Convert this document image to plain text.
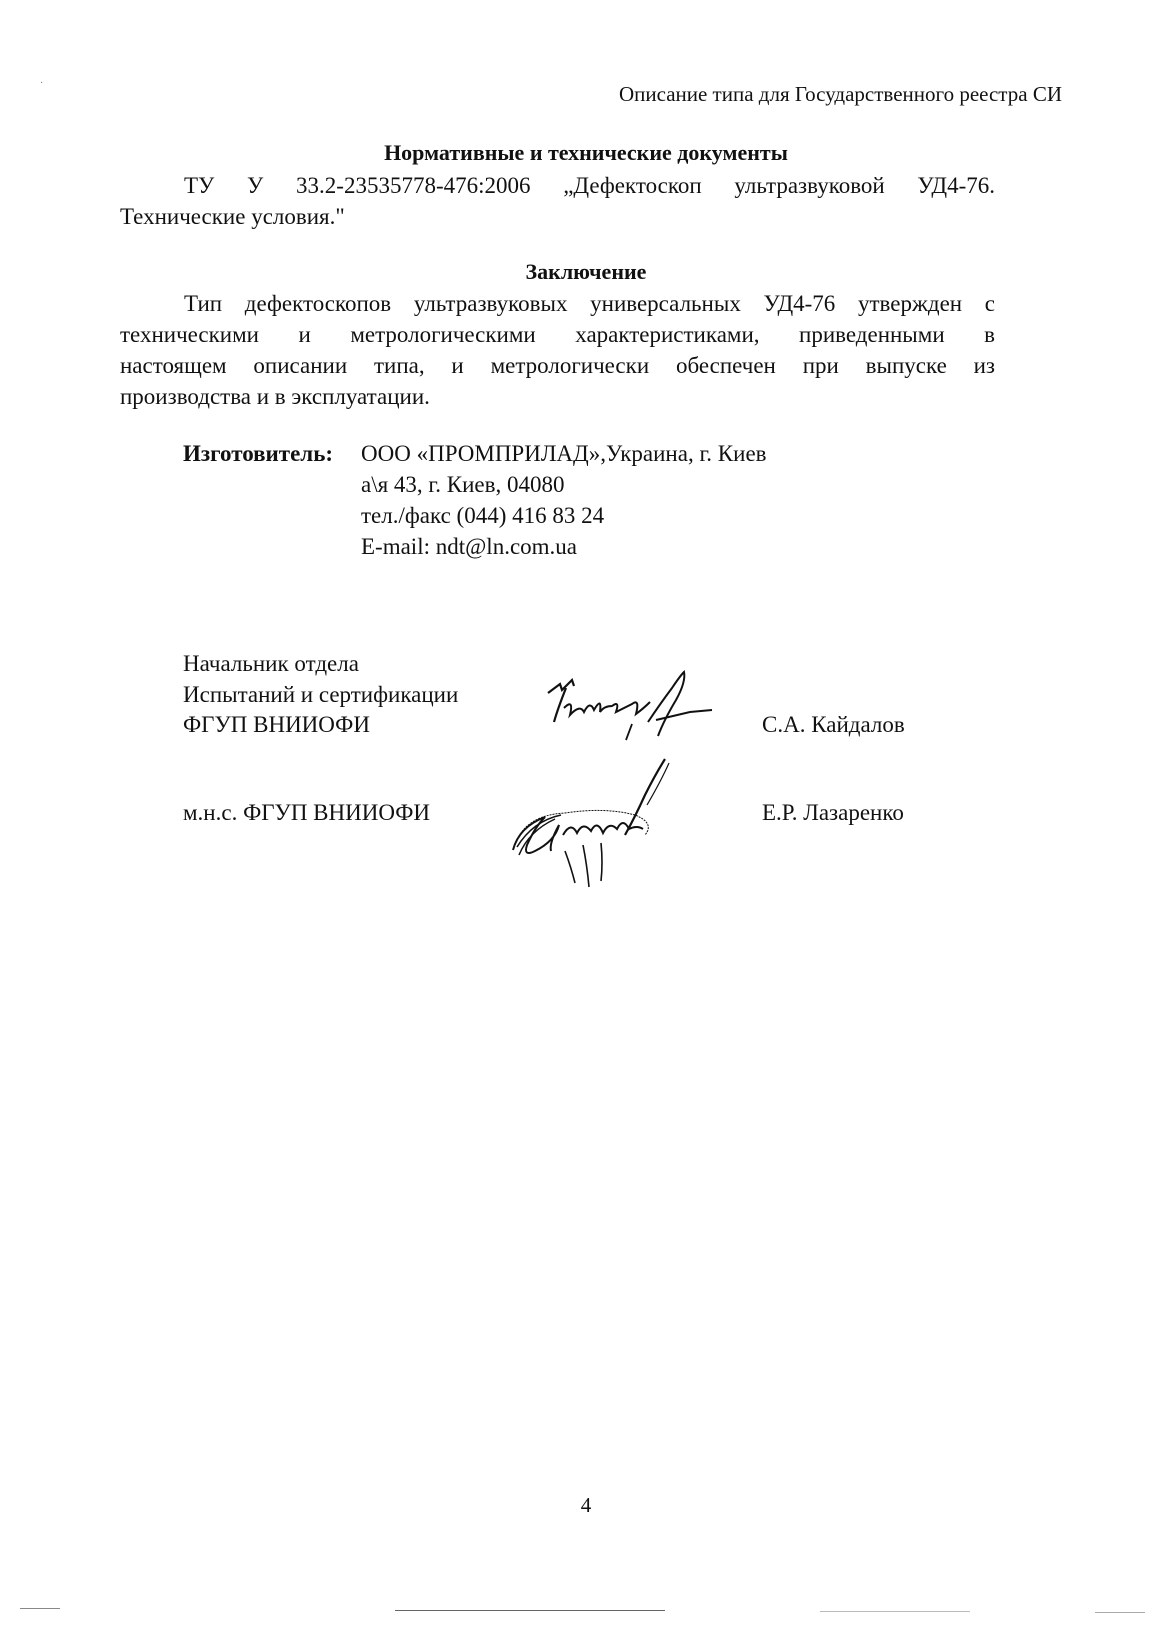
Описание типа для Государственного реестра СИ
Нормативные и технические документы
ТУ У 33.2-23535778-476:2006 „Дефектоскоп ультразвуковой УД4-76.
Технические условия."
Заключение
Тип дефектоскопов ультразвуковых универсальных УД4-76 утвержден с
техническими и метрологическими характеристиками, приведенными в
настоящем описании типа, и метрологически обеспечен при выпуске из
производства и в эксплуатации.
Изготовитель: ООО «ПРОМПРИЛАД»,Украина, г. Киев
а\я 43, г. Киев, 04080
тел./факс (044) 416 83 24
E-mail: ndt@ln.com.ua
Начальник отдела
Испытаний и сертификации
ФГУП ВНИИОФИ	С.А. Кайдалов
м.н.с. ФГУП ВНИИОФИ	Е.Р. Лазаренко
4
·
